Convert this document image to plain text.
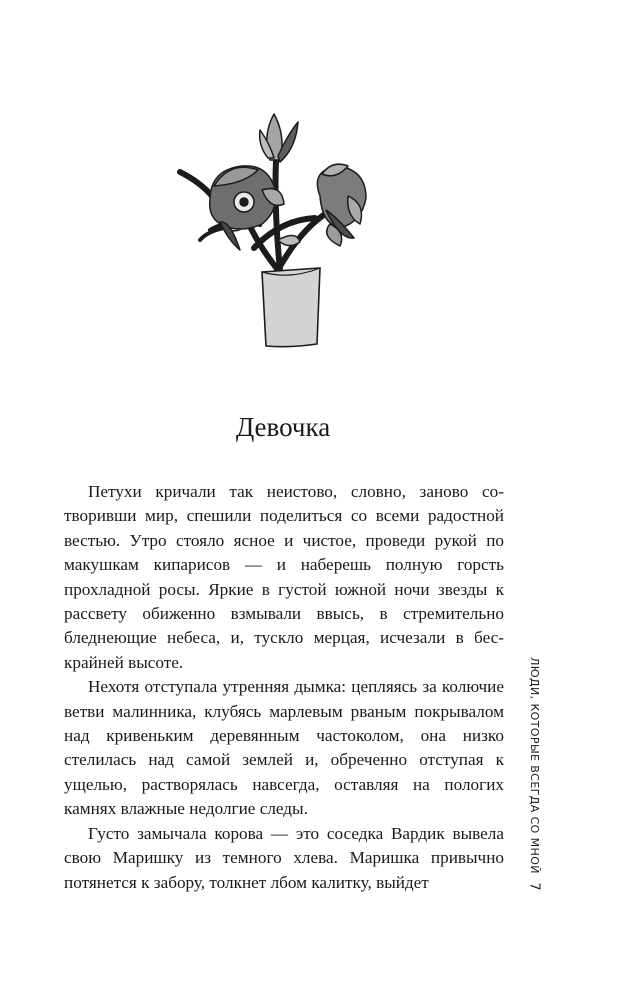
Девочка

Петухи кричали так неистово, словно, заново сотворивши мир, спешили поделиться со всеми радостной вестью. Утро стояло ясное и чистое, проведи рукой по макушкам кипарисов — и наберешь полную горсть прохладной росы. Яркие в густой южной ночи звезды к рассвету обиженно взмывали ввысь, в стремительно бледнеющие небеса, и, тускло мерцая, исчезали в бескрайней высоте.

Нехотя отступала утренняя дымка: цепляясь за колючие ветви малинника, клубясь марлевым рваным покрывалом над кривеньким деревянным частоколом, она низко стелилась над самой землей и, обреченно отступая к ущелью, растворялась навсегда, оставляя на пологих камнях влажные недолгие следы.

Густо замычала корова — это соседка Вардик вывела свою Маришку из темного хлева. Маришка привычно потянется к забору, толкнет лбом калитку, выйдет

ЛЮДИ, КОТОРЫЕ ВСЕГДА СО МНОЙ
7
